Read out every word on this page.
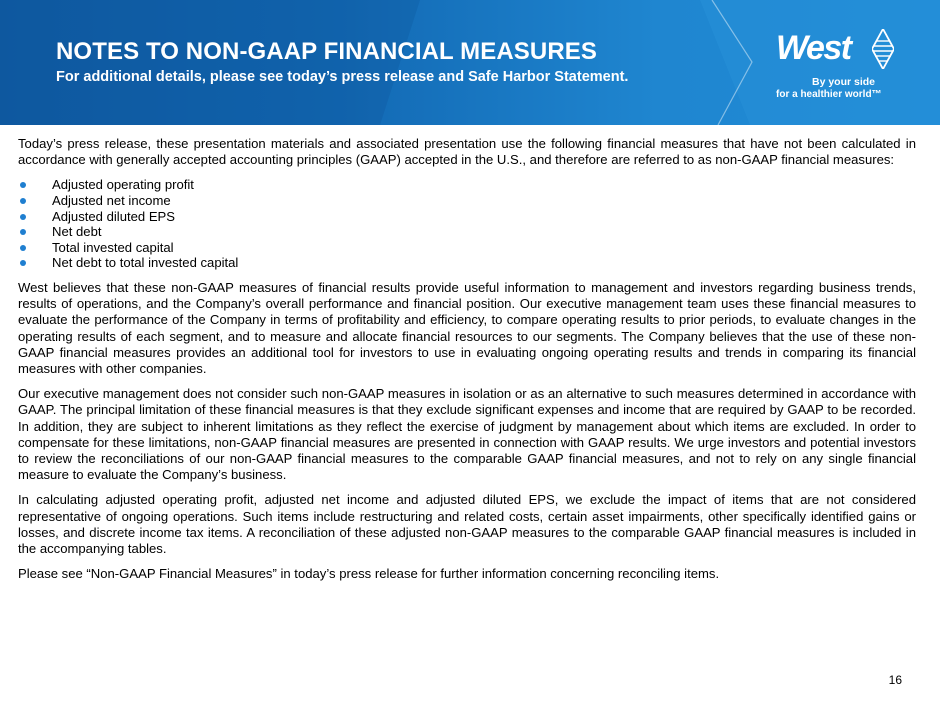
NOTES TO NON-GAAP FINANCIAL MEASURES
For additional details, please see today’s press release and Safe Harbor Statement.
West
By your side
for a healthier world™

Today’s press release, these presentation materials and associated presentation use the following financial measures that have not been calculated in accordance with generally accepted accounting principles (GAAP) accepted in the U.S., and therefore are referred to as non-GAAP financial measures:

Adjusted operating profit
Adjusted net income
Adjusted diluted EPS
Net debt
Total invested capital
Net debt to total invested capital

West believes that these non-GAAP measures of financial results provide useful information to management and investors regarding business trends, results of operations, and the Company’s overall performance and financial position. Our executive management team uses these financial measures to evaluate the performance of the Company in terms of profitability and efficiency, to compare operating results to prior periods, to evaluate changes in the operating results of each segment, and to measure and allocate financial resources to our segments. The Company believes that the use of these non-GAAP financial measures provides an additional tool for investors to use in evaluating ongoing operating results and trends in comparing its financial measures with other companies.

Our executive management does not consider such non-GAAP measures in isolation or as an alternative to such measures determined in accordance with GAAP. The principal limitation of these financial measures is that they exclude significant expenses and income that are required by GAAP to be recorded. In addition, they are subject to inherent limitations as they reflect the exercise of judgment by management about which items are excluded. In order to compensate for these limitations, non-GAAP financial measures are presented in connection with GAAP results. We urge investors and potential investors to review the reconciliations of our non-GAAP financial measures to the comparable GAAP financial measures, and not to rely on any single financial measure to evaluate the Company’s business.

In calculating adjusted operating profit, adjusted net income and adjusted diluted EPS, we exclude the impact of items that are not considered representative of ongoing operations. Such items include restructuring and related costs, certain asset impairments, other specifically identified gains or losses, and discrete income tax items. A reconciliation of these adjusted non-GAAP measures to the comparable GAAP financial measures is included in the accompanying tables.

Please see “Non-GAAP Financial Measures” in today’s press release for further information concerning reconciling items.

16
